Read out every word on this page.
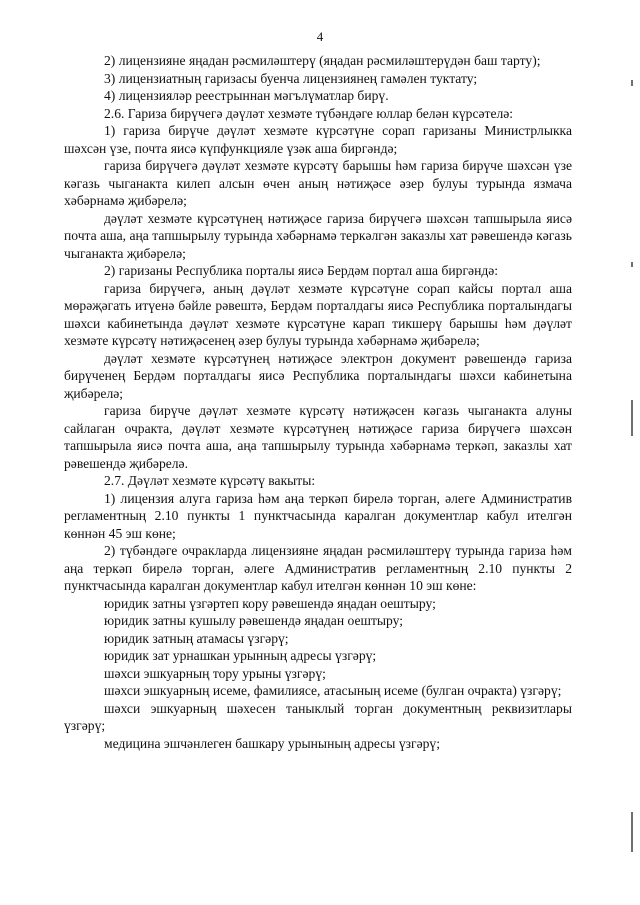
4

2) лицензияне яңадан рәсмиләштерү (яңадан рәсмиләштерүдән баш тарту);

3) лицензиатның гаризасы буенча лицензиянең гамәлен туктату;

4) лицензияләр реестрыннан мәгълүматлар бирү.

2.6. Гариза бирүчегә дәүләт хезмәте түбәндәге юллар белән күрсәтелә:

1) гариза бирүче дәүләт хезмәте күрсәтүне сорап гаризаны Министрлыкка шәхсән үзе, почта яисә күпфункцияле үзәк аша биргәндә;

гариза бирүчегә дәүләт хезмәте күрсәтү барышы һәм гариза бирүче шәхсән үзе кәгазь чыганакта килеп алсын өчен аның нәтиҗәсе әзер булуы турында язмача хәбәрнамә җибәрелә;

дәүләт хезмәте күрсәтүнең нәтиҗәсе гариза бирүчегә шәхсән тапшырыла яисә почта аша, аңа тапшырылу турында хәбәрнамә теркәлгән заказлы хат рәвешендә кәгазь чыганакта җибәрелә;

2) гаризаны Республика порталы яисә Бердәм портал аша биргәндә:

гариза бирүчегә, аның дәүләт хезмәте күрсәтүне сорап кайсы портал аша мөрәҗәгать итүенә бәйле рәвештә, Бердәм порталдагы яисә Республика порталындагы шәхси кабинетында дәүләт хезмәте күрсәтүне карап тикшерү барышы һәм дәүләт хезмәте күрсәтү нәтиҗәсенең әзер булуы турында хәбәрнамә җибәрелә;

дәүләт хезмәте күрсәтүнең нәтиҗәсе электрон документ рәвешендә гариза бирүченең Бердәм порталдагы яисә Республика порталындагы шәхси кабинетына җибәрелә;

гариза бирүче дәүләт хезмәте күрсәтү нәтиҗәсен кәгазь чыганакта алуны сайлаган очракта, дәүләт хезмәте күрсәтүнең нәтиҗәсе гариза бирүчегә шәхсән тапшырыла яисә почта аша, аңа тапшырылу турында хәбәрнамә теркәп, заказлы хат рәвешендә җибәрелә.

2.7. Дәүләт хезмәте күрсәтү вакыты:

1) лицензия алуга гариза һәм аңа теркәп бирелә торган, әлеге Административ регламентның 2.10 пункты 1 пунктчасында каралган документлар кабул ителгән көннән 45 эш көне;

2) түбәндәге очракларда лицензияне яңадан рәсмиләштерү турында гариза һәм аңа теркәп бирелә торган, әлеге Административ регламентның 2.10 пункты 2 пунктчасында каралган документлар кабул ителгән көннән 10 эш көне:

юридик затны үзгәртеп кору рәвешендә яңадан оештыру;

юридик затны кушылу рәвешендә яңадан оештыру;

юридик затның атамасы үзгәрү;

юридик зат урнашкан урынның адресы үзгәрү;

шәхси эшкуарның тору урыны үзгәрү;

шәхси эшкуарның исеме, фамилиясе, атасының исеме (булган очракта) үзгәрү;

шәхси эшкуарның шәхесен таныклый торган документның реквизитлары үзгәрү;

медицина эшчәнлеген башкару урынының адресы үзгәрү;
